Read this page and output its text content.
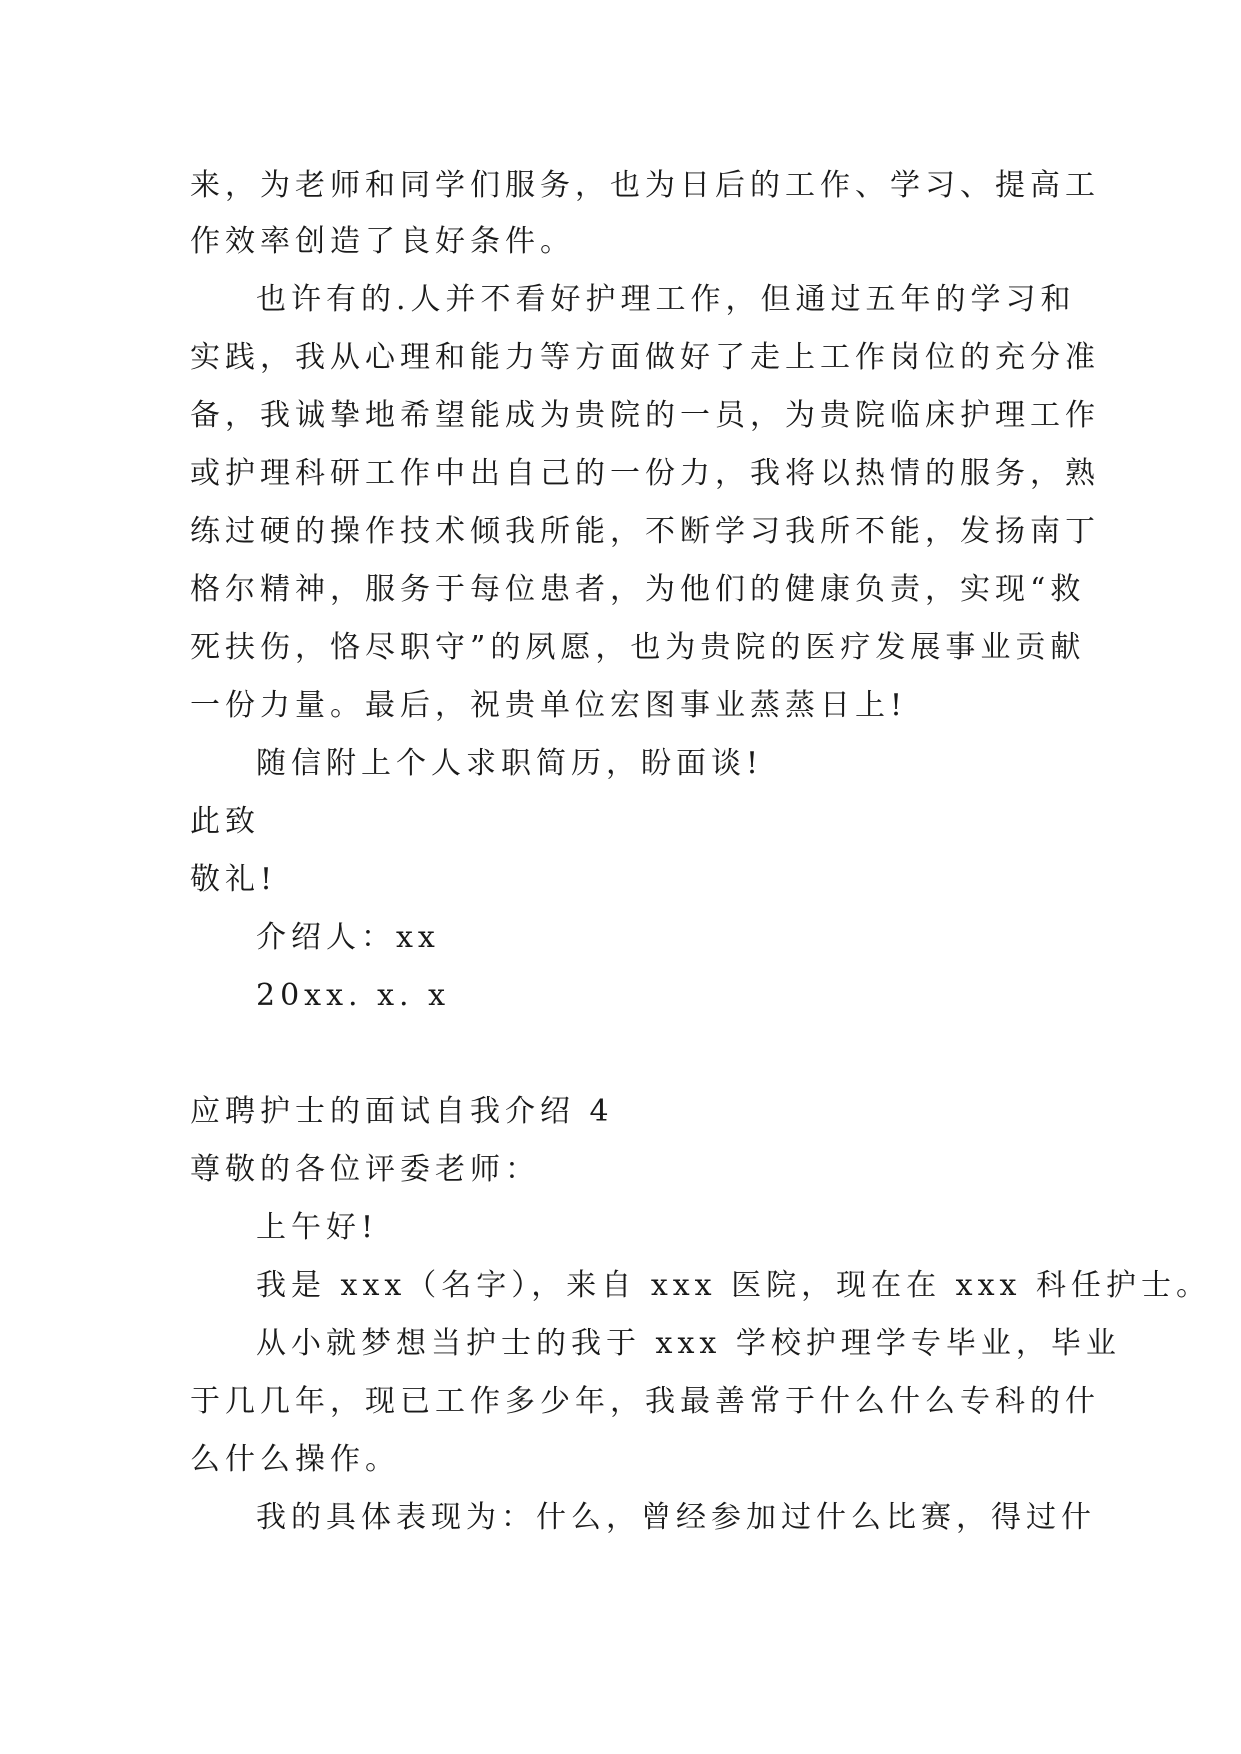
来，为老师和同学们服务，也为日后的工作、学习、提高工
作效率创造了良好条件。
也许有的.人并不看好护理工作，但通过五年的学习和
实践，我从心理和能力等方面做好了走上工作岗位的充分准
备，我诚挚地希望能成为贵院的一员，为贵院临床护理工作
或护理科研工作中出自己的一份力，我将以热情的服务，熟
练过硬的操作技术倾我所能，不断学习我所不能，发扬南丁
格尔精神，服务于每位患者，为他们的健康负责，实现“救
死扶伤，恪尽职守”的夙愿，也为贵院的医疗发展事业贡献
一份力量。最后，祝贵单位宏图事业蒸蒸日上!
随信附上个人求职简历，盼面谈!
此致
敬礼!
介绍人：xx
20xx. x. x
应聘护士的面试自我介绍 4
尊敬的各位评委老师：
上午好!
我是 xxx（名字），来自 xxx 医院，现在在 xxx 科任护士。
从小就梦想当护士的我于 xxx 学校护理学专毕业，毕业
于几几年，现已工作多少年，我最善常于什么什么专科的什
么什么操作。
我的具体表现为：什么，曾经参加过什么比赛，得过什
